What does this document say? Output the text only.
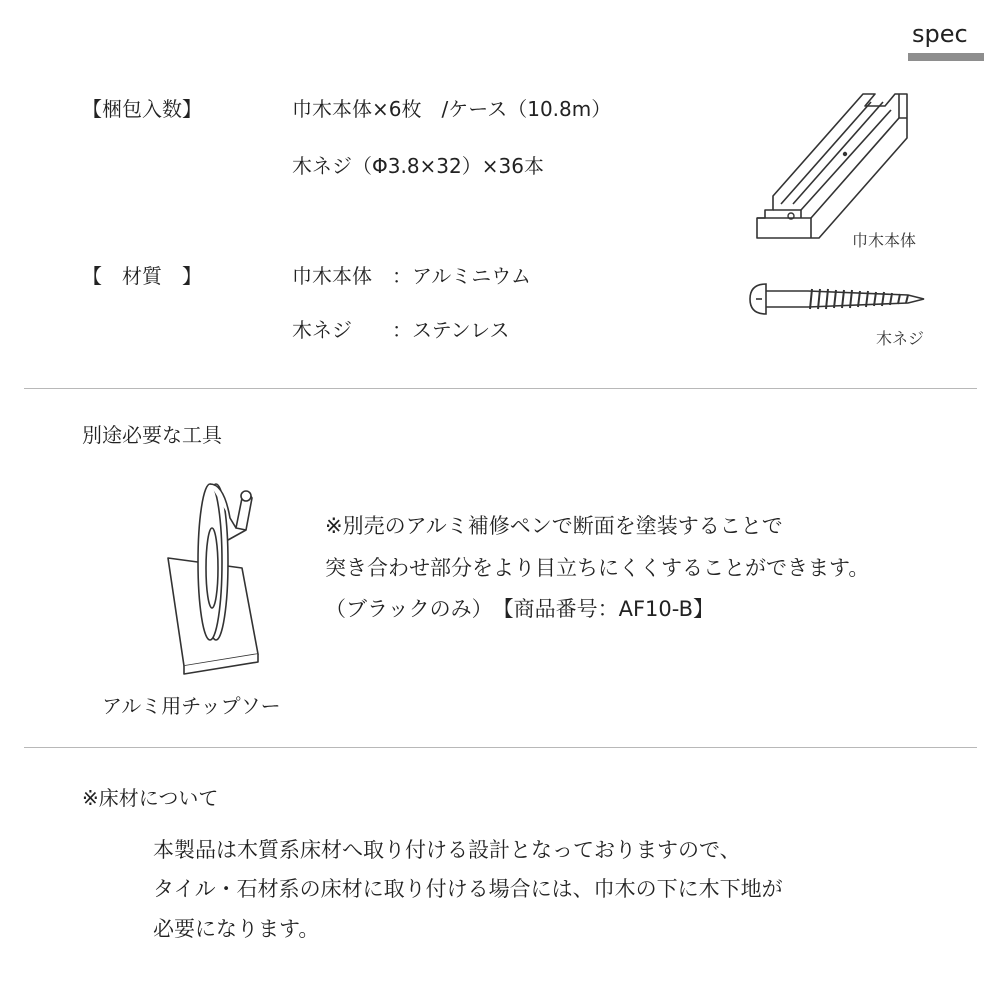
spec
【梱包入数】	巾木本体×6枚　/ケース（10.8m）
木ネジ（Φ3.8×32）×36本
【　材質　】	巾木本体　：アルミニウム
木ネジ　　：ステンレス
巾木本体
木ネジ
別途必要な工具
アルミ用チップソー
※別売のアルミ補修ペンで断面を塗装することで
突き合わせ部分をより目立ちにくくすることができます。
（ブラックのみ）　【商品番号：AF10-B】
※床材について
本製品は木質系床材へ取り付ける設計となっておりますので、
タイル・石材系の床材に取り付ける場合には、巾木の下に木下地が
必要になります。
